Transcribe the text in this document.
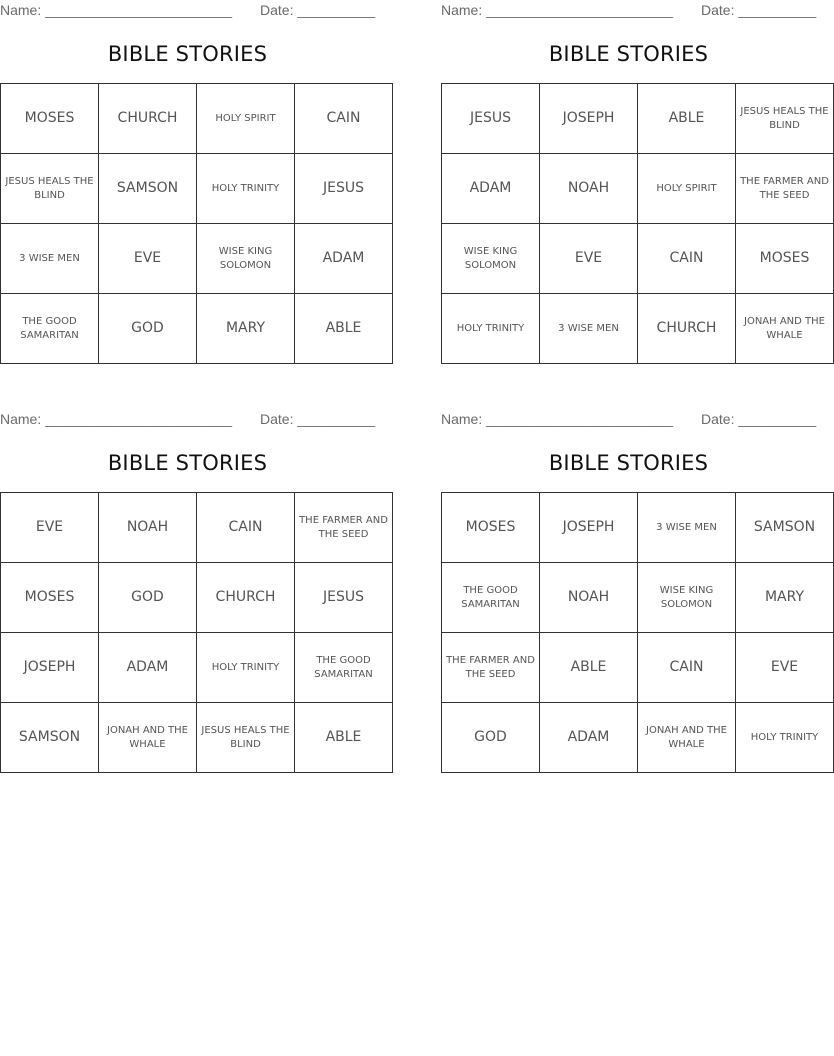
Name: ________________________ Date: __________
BIBLE STORIES
MOSES	CHURCH	HOLY SPIRIT	CAIN
JESUS HEALS THE BLIND	SAMSON	HOLY TRINITY	JESUS
3 WISE MEN	EVE	WISE KING SOLOMON	ADAM
THE GOOD SAMARITAN	GOD	MARY	ABLE
Name: ________________________ Date: __________
BIBLE STORIES
JESUS	JOSEPH	ABLE	JESUS HEALS THE BLIND
ADAM	NOAH	HOLY SPIRIT	THE FARMER AND THE SEED
WISE KING SOLOMON	EVE	CAIN	MOSES
HOLY TRINITY	3 WISE MEN	CHURCH	JONAH AND THE WHALE
Name: ________________________ Date: __________
BIBLE STORIES
EVE	NOAH	CAIN	THE FARMER AND THE SEED
MOSES	GOD	CHURCH	JESUS
JOSEPH	ADAM	HOLY TRINITY	THE GOOD SAMARITAN
SAMSON	JONAH AND THE WHALE	JESUS HEALS THE BLIND	ABLE
Name: ________________________ Date: __________
BIBLE STORIES
MOSES	JOSEPH	3 WISE MEN	SAMSON
THE GOOD SAMARITAN	NOAH	WISE KING SOLOMON	MARY
THE FARMER AND THE SEED	ABLE	CAIN	EVE
GOD	ADAM	JONAH AND THE WHALE	HOLY TRINITY
